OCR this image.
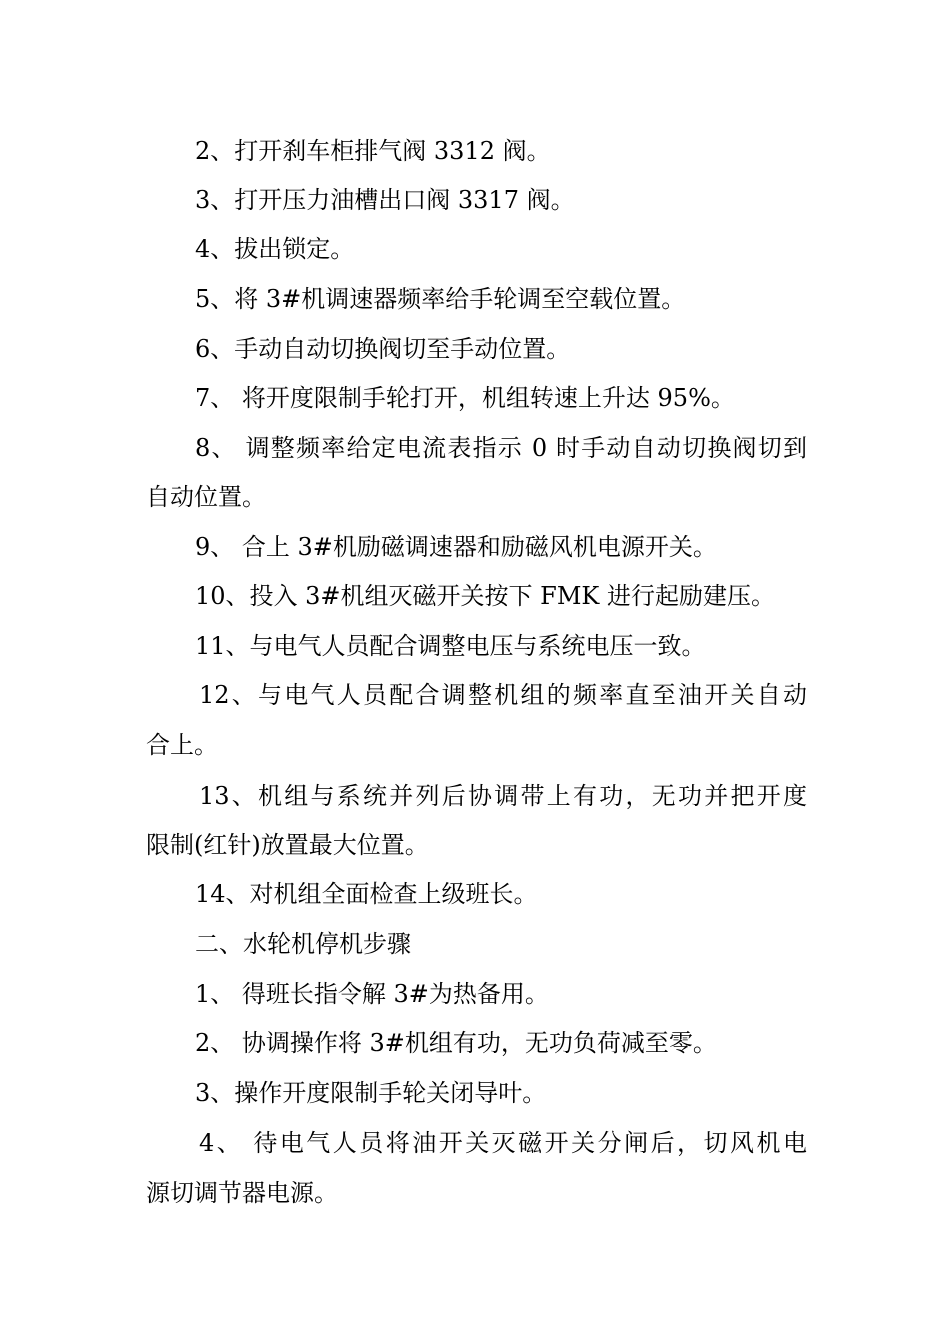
2、打开刹车柜排气阀 3312 阀。
3、打开压力油槽出口阀 3317 阀。
4、拔出锁定。
5、将 3#机调速器频率给手轮调至空载位置。
6、手动自动切换阀切至手动位置。
7、 将开度限制手轮打开，机组转速上升达 95%。
8、 调整频率给定电流表指示 0 时手动自动切换阀切到
自动位置。
9、 合上 3#机励磁调速器和励磁风机电源开关。
10、投入 3#机组灭磁开关按下 FMK 进行起励建压。
11、与电气人员配合调整电压与系统电压一致。
12、与电气人员配合调整机组的频率直至油开关自动
合上。
13、机组与系统并列后协调带上有功，无功并把开度
限制(红针)放置最大位置。
14、对机组全面检查上级班长。
二、水轮机停机步骤
1、 得班长指令解 3#为热备用。
2、 协调操作将 3#机组有功，无功负荷减至零。
3、操作开度限制手轮关闭导叶。
4、 待电气人员将油开关灭磁开关分闸后，切风机电
源切调节器电源。
